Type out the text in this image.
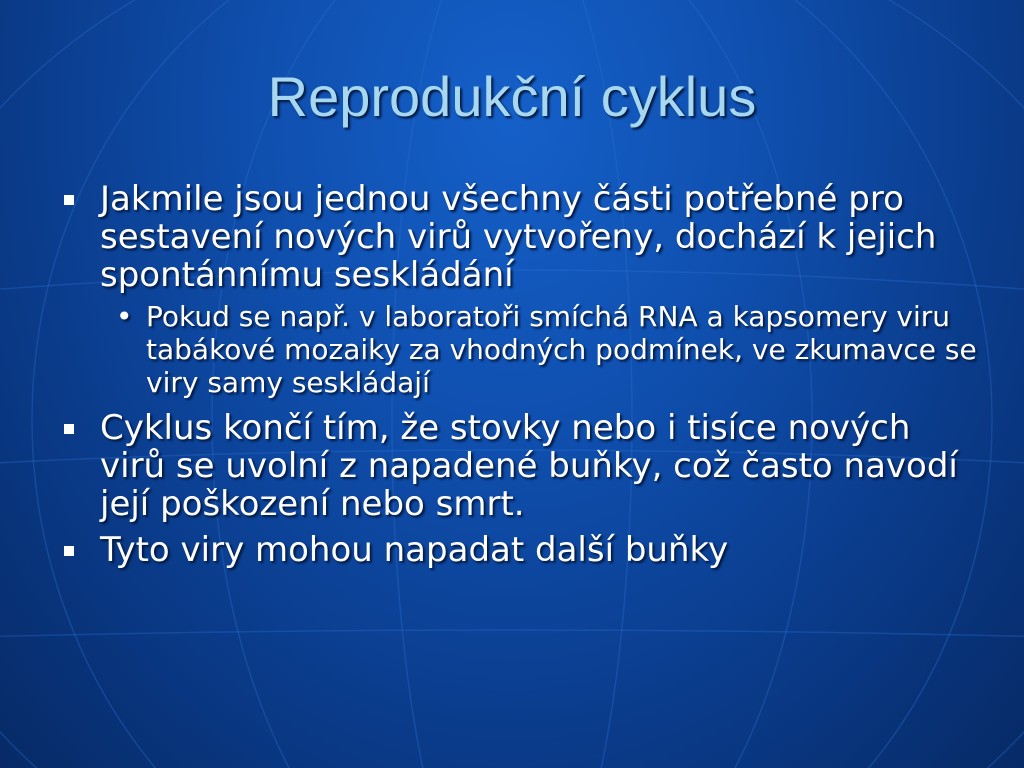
Reprodukční cyklus
Jakmile jsou jednou všechny části potřebné pro sestavení nových virů vytvořeny, dochází k jejich spontánnímu seskládání
• Pokud se např. v laboratoři smíchá RNA a kapsomery viru tabákové mozaiky za vhodných podmínek, ve zkumavce se viry samy seskládají
Cyklus končí tím, že stovky nebo i tisíce nových virů se uvolní z napadené buňky, což často navodí její poškození nebo smrt.
Tyto viry mohou napadat další buňky
